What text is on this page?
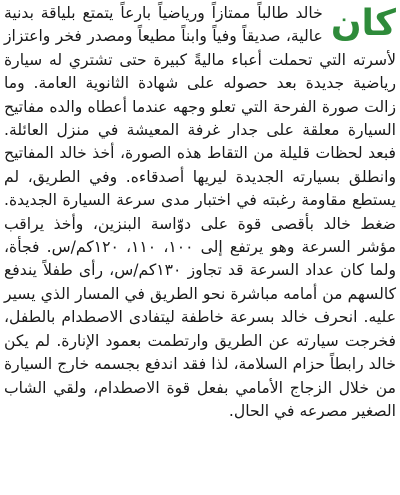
كان

خالد طالباً ممتازاً ورياضياً بارعاً يتمتع بلياقة بدنية عالية، صديقاً وفياً وابناً مطيعاً ومصدر فخر واعتزاز لأسرته التي تحملت أعباء ماليةً كبيرة حتى تشتري له سيارة رياضية جديدة بعد حصوله على شهادة الثانوية العامة. وما زالت صورة الفرحة التي تعلو وجهه عندما أعطاه والده مفاتيح السيارة معلقة على جدار غرفة المعيشة في منزل العائلة. فبعد لحظات قليلة من التقاط هذه الصورة، أخذ خالد المفاتيح وانطلق بسيارته الجديدة ليريها أصدقاءه. وفي الطريق، لم يستطع مقاومة رغبته في اختبار مدى سرعة السيارة الجديدة. ضغط خالد بأقصى قوة على دوّاسة البنزين، وأخذ يراقب مؤشر السرعة وهو يرتفع إلى ١٠٠، ١١٠، ١٢٠كم/س. فجأة، ولما كان عداد السرعة قد تجاوز ١٣٠كم/س، رأى طفلاً يندفع كالسهم من أمامه مباشرة نحو الطريق في المسار الذي يسير عليه. انحرف خالد بسرعة خاطفة ليتفادى الاصطدام بالطفل، فخرجت سيارته عن الطريق وارتطمت بعمود الإنارة. لم يكن خالد رابطاً حزام السلامة، لذا فقد اندفع بجسمه خارج السيارة من خلال الزجاج الأمامي بفعل قوة الاصطدام، ولقي الشاب الصغير مصرعه في الحال.
